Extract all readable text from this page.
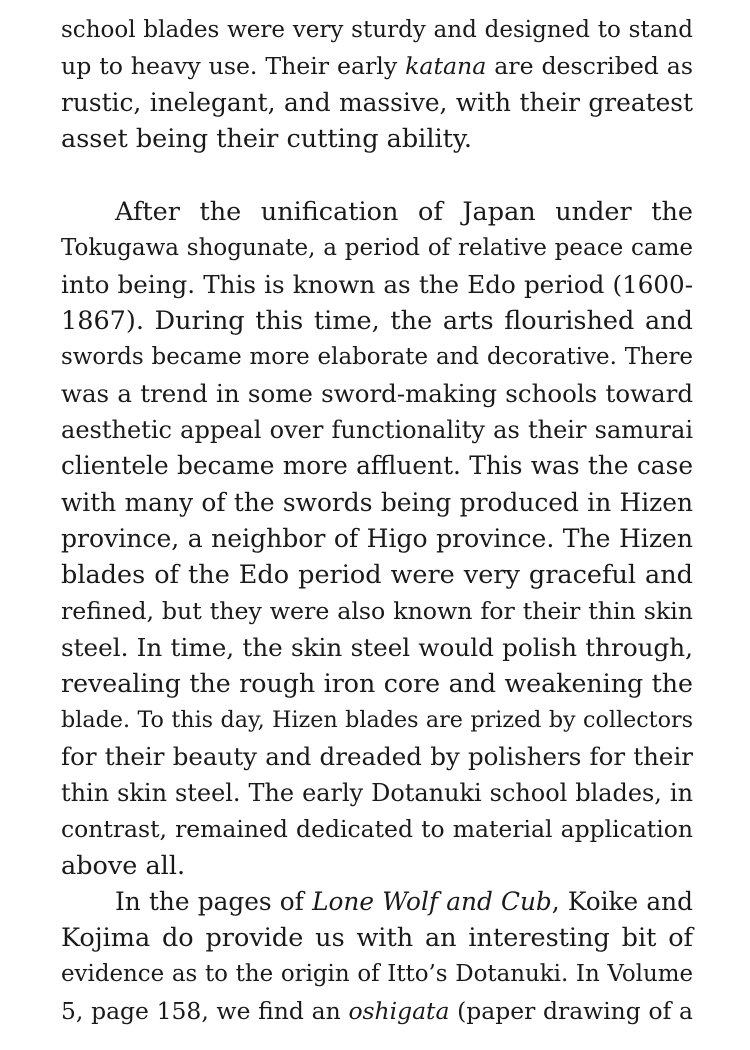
school blades were very sturdy and designed to stand
up to heavy use. Their early katana are described as
rustic, inelegant, and massive, with their greatest
asset being their cutting ability.
After the unification of Japan under the
Tokugawa shogunate, a period of relative peace came
into being. This is known as the Edo period (1600-
1867). During this time, the arts flourished and
swords became more elaborate and decorative. There
was a trend in some sword-making schools toward
aesthetic appeal over functionality as their samurai
clientele became more affluent. This was the case
with many of the swords being produced in Hizen
province, a neighbor of Higo province. The Hizen
blades of the Edo period were very graceful and
refined, but they were also known for their thin skin
steel. In time, the skin steel would polish through,
revealing the rough iron core and weakening the
blade. To this day, Hizen blades are prized by collectors
for their beauty and dreaded by polishers for their
thin skin steel. The early Dotanuki school blades, in
contrast, remained dedicated to material application
above all.
In the pages of Lone Wolf and Cub, Koike and
Kojima do provide us with an interesting bit of
evidence as to the origin of Itto’s Dotanuki. In Volume
5, page 158, we find an oshigata (paper drawing of a
